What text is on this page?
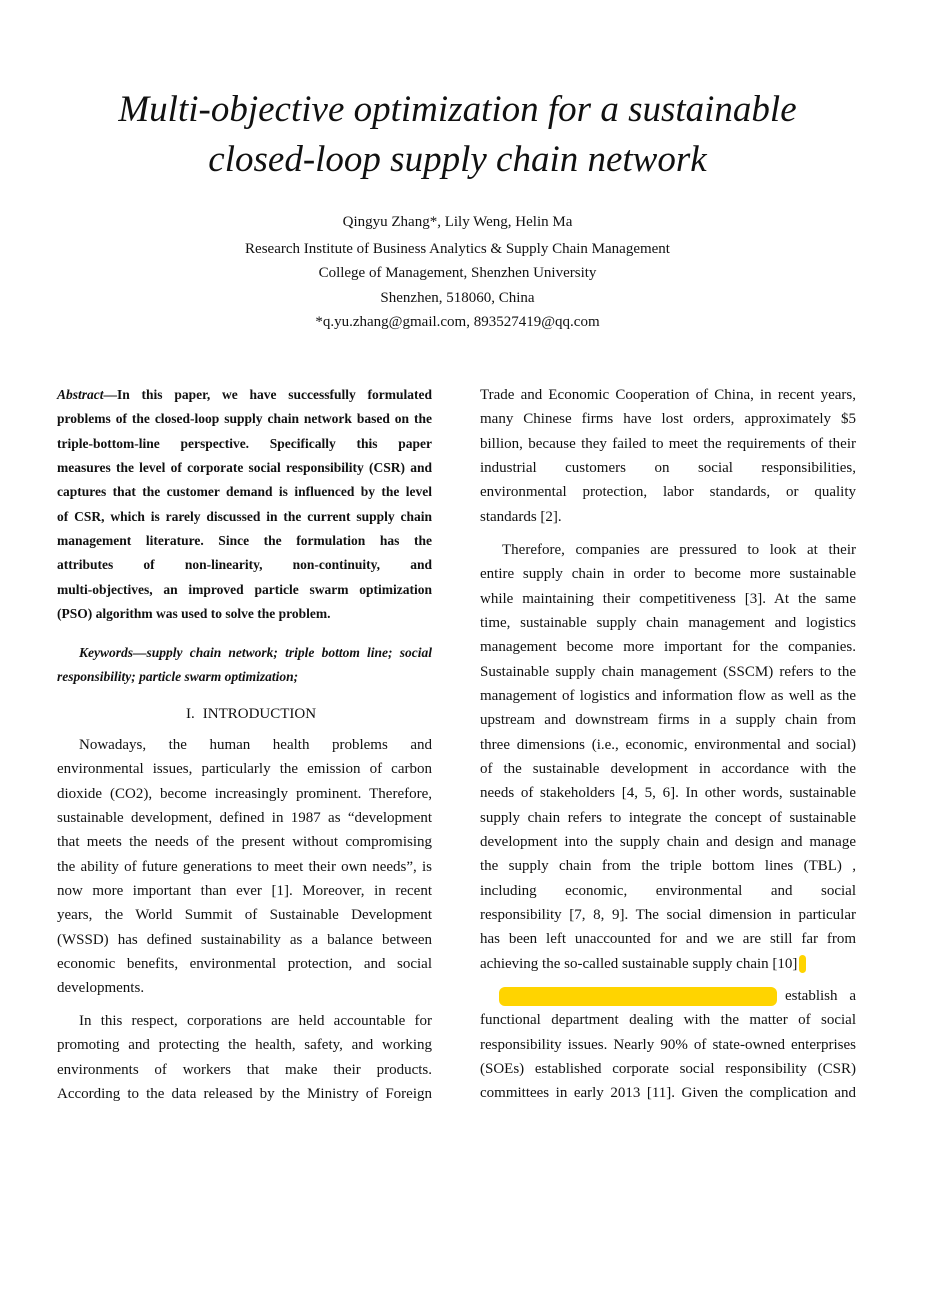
Multi-objective optimization for a sustainable
closed-loop supply chain network
Qingyu Zhang*, Lily Weng, Helin Ma
Research Institute of Business Analytics & Supply Chain Management
College of Management, Shenzhen University
Shenzhen, 518060, China
*q.yu.zhang@gmail.com, 893527419@qq.com
Abstract—In this paper, we have successfully formulated
problems of the closed-loop supply chain network based on the
triple-bottom-line perspective. Specifically this paper
measures the level of corporate social responsibility (CSR) and
captures that the customer demand is influenced by the level
of CSR, which is rarely discussed in the current supply chain
management literature. Since the formulation has the
attributes of non-linearity, non-continuity, and
multi-objectives, an improved particle swarm optimization
(PSO) algorithm was used to solve the problem.
Keywords—supply chain network; triple bottom line; social
responsibility; particle swarm optimization;
I. INTRODUCTION
Nowadays, the human health problems and
environmental issues, particularly the emission of carbon
dioxide (CO2), become increasingly prominent. Therefore,
sustainable development, defined in 1987 as “development
that meets the needs of the present without compromising
the ability of future generations to meet their own needs”, is
now more important than ever [1]. Moreover, in recent
years, the World Summit of Sustainable Development
(WSSD) has defined sustainability as a balance between
economic benefits, environmental protection, and social
developments.
In this respect, corporations are held accountable for
promoting and protecting the health, safety, and working
environments of workers that make their products.
According to the data released by the Ministry of Foreign
Trade and Economic Cooperation of China, in recent years,
many Chinese firms have lost orders, approximately $5
billion, because they failed to meet the requirements of their
industrial customers on social responsibilities,
environmental protection, labor standards, or quality
standards [2].
Therefore, companies are pressured to look at their
entire supply chain in order to become more sustainable
while maintaining their competitiveness [3]. At the same
time, sustainable supply chain management and logistics
management become more important for the companies.
Sustainable supply chain management (SSCM) refers to the
management of logistics and information flow as well as the
upstream and downstream firms in a supply chain from
three dimensions (i.e., economic, environmental and social)
of the sustainable development in accordance with the
needs of stakeholders [4, 5, 6]. In other words, sustainable
supply chain refers to integrate the concept of sustainable
development into the supply chain and design and manage
the supply chain from the triple bottom lines (TBL) ,
including economic, environmental and social
responsibility [7, 8, 9]. The social dimension in particular
has been left unaccounted for and we are still far from
achieving the so-called sustainable supply chain [10]
establish a
functional department dealing with the matter of social
responsibility issues. Nearly 90% of state-owned enterprises
(SOEs) established corporate social responsibility (CSR)
committees in early 2013 [11]. Given the complication and
